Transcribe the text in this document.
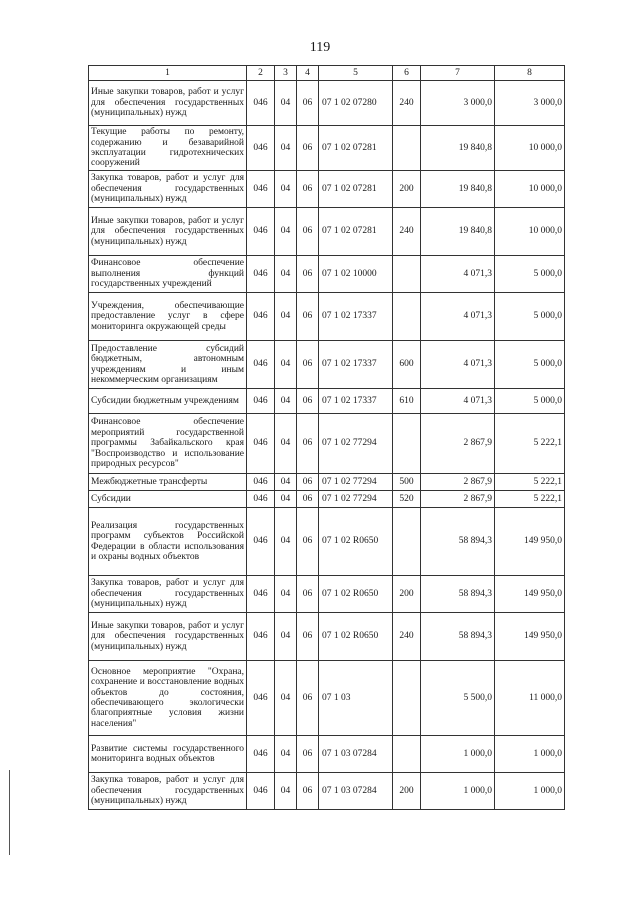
119
1	2	3	4	5	6	7	8
Иные закупки товаров, работ и услуг для обеспечения государственных (муниципальных) нужд	046	04	06	07 1 02 07280	240	3 000,0	3 000,0
Текущие работы по ремонту, содержанию и безаварийной эксплуатации гидротехнических сооружений	046	04	06	07 1 02 07281		19 840,8	10 000,0
Закупка товаров, работ и услуг для обеспечения государственных (муниципальных) нужд	046	04	06	07 1 02 07281	200	19 840,8	10 000,0
Иные закупки товаров, работ и услуг для обеспечения государственных (муниципальных) нужд	046	04	06	07 1 02 07281	240	19 840,8	10 000,0
Финансовое обеспечение выполнения функций государственных учреждений	046	04	06	07 1 02 10000		4 071,3	5 000,0
Учреждения, обеспечивающие предоставление услуг в сфере мониторинга окружающей среды	046	04	06	07 1 02 17337		4 071,3	5 000,0
Предоставление субсидий бюджетным, автономным учреждениям и иным некоммерческим организациям	046	04	06	07 1 02 17337	600	4 071,3	5 000,0
Субсидии бюджетным учреждениям	046	04	06	07 1 02 17337	610	4 071,3	5 000,0
Финансовое обеспечение мероприятий государственной программы Забайкальского края "Воспроизводство и использование природных ресурсов"	046	04	06	07 1 02 77294		2 867,9	5 222,1
Межбюджетные трансферты	046	04	06	07 1 02 77294	500	2 867,9	5 222,1
Субсидии	046	04	06	07 1 02 77294	520	2 867,9	5 222,1
Реализация государственных программ субъектов Российской Федерации в области использования и охраны водных объектов	046	04	06	07 1 02 R0650		58 894,3	149 950,0
Закупка товаров, работ и услуг для обеспечения государственных (муниципальных) нужд	046	04	06	07 1 02 R0650	200	58 894,3	149 950,0
Иные закупки товаров, работ и услуг для обеспечения государственных (муниципальных) нужд	046	04	06	07 1 02 R0650	240	58 894,3	149 950,0
Основное мероприятие "Охрана, сохранение и восстановление водных объектов до состояния, обеспечивающего экологически благоприятные условия жизни населения"	046	04	06	07 1 03		5 500,0	11 000,0
Развитие системы государственного мониторинга водных объектов	046	04	06	07 1 03 07284		1 000,0	1 000,0
Закупка товаров, работ и услуг для обеспечения государственных (муниципальных) нужд	046	04	06	07 1 03 07284	200	1 000,0	1 000,0
